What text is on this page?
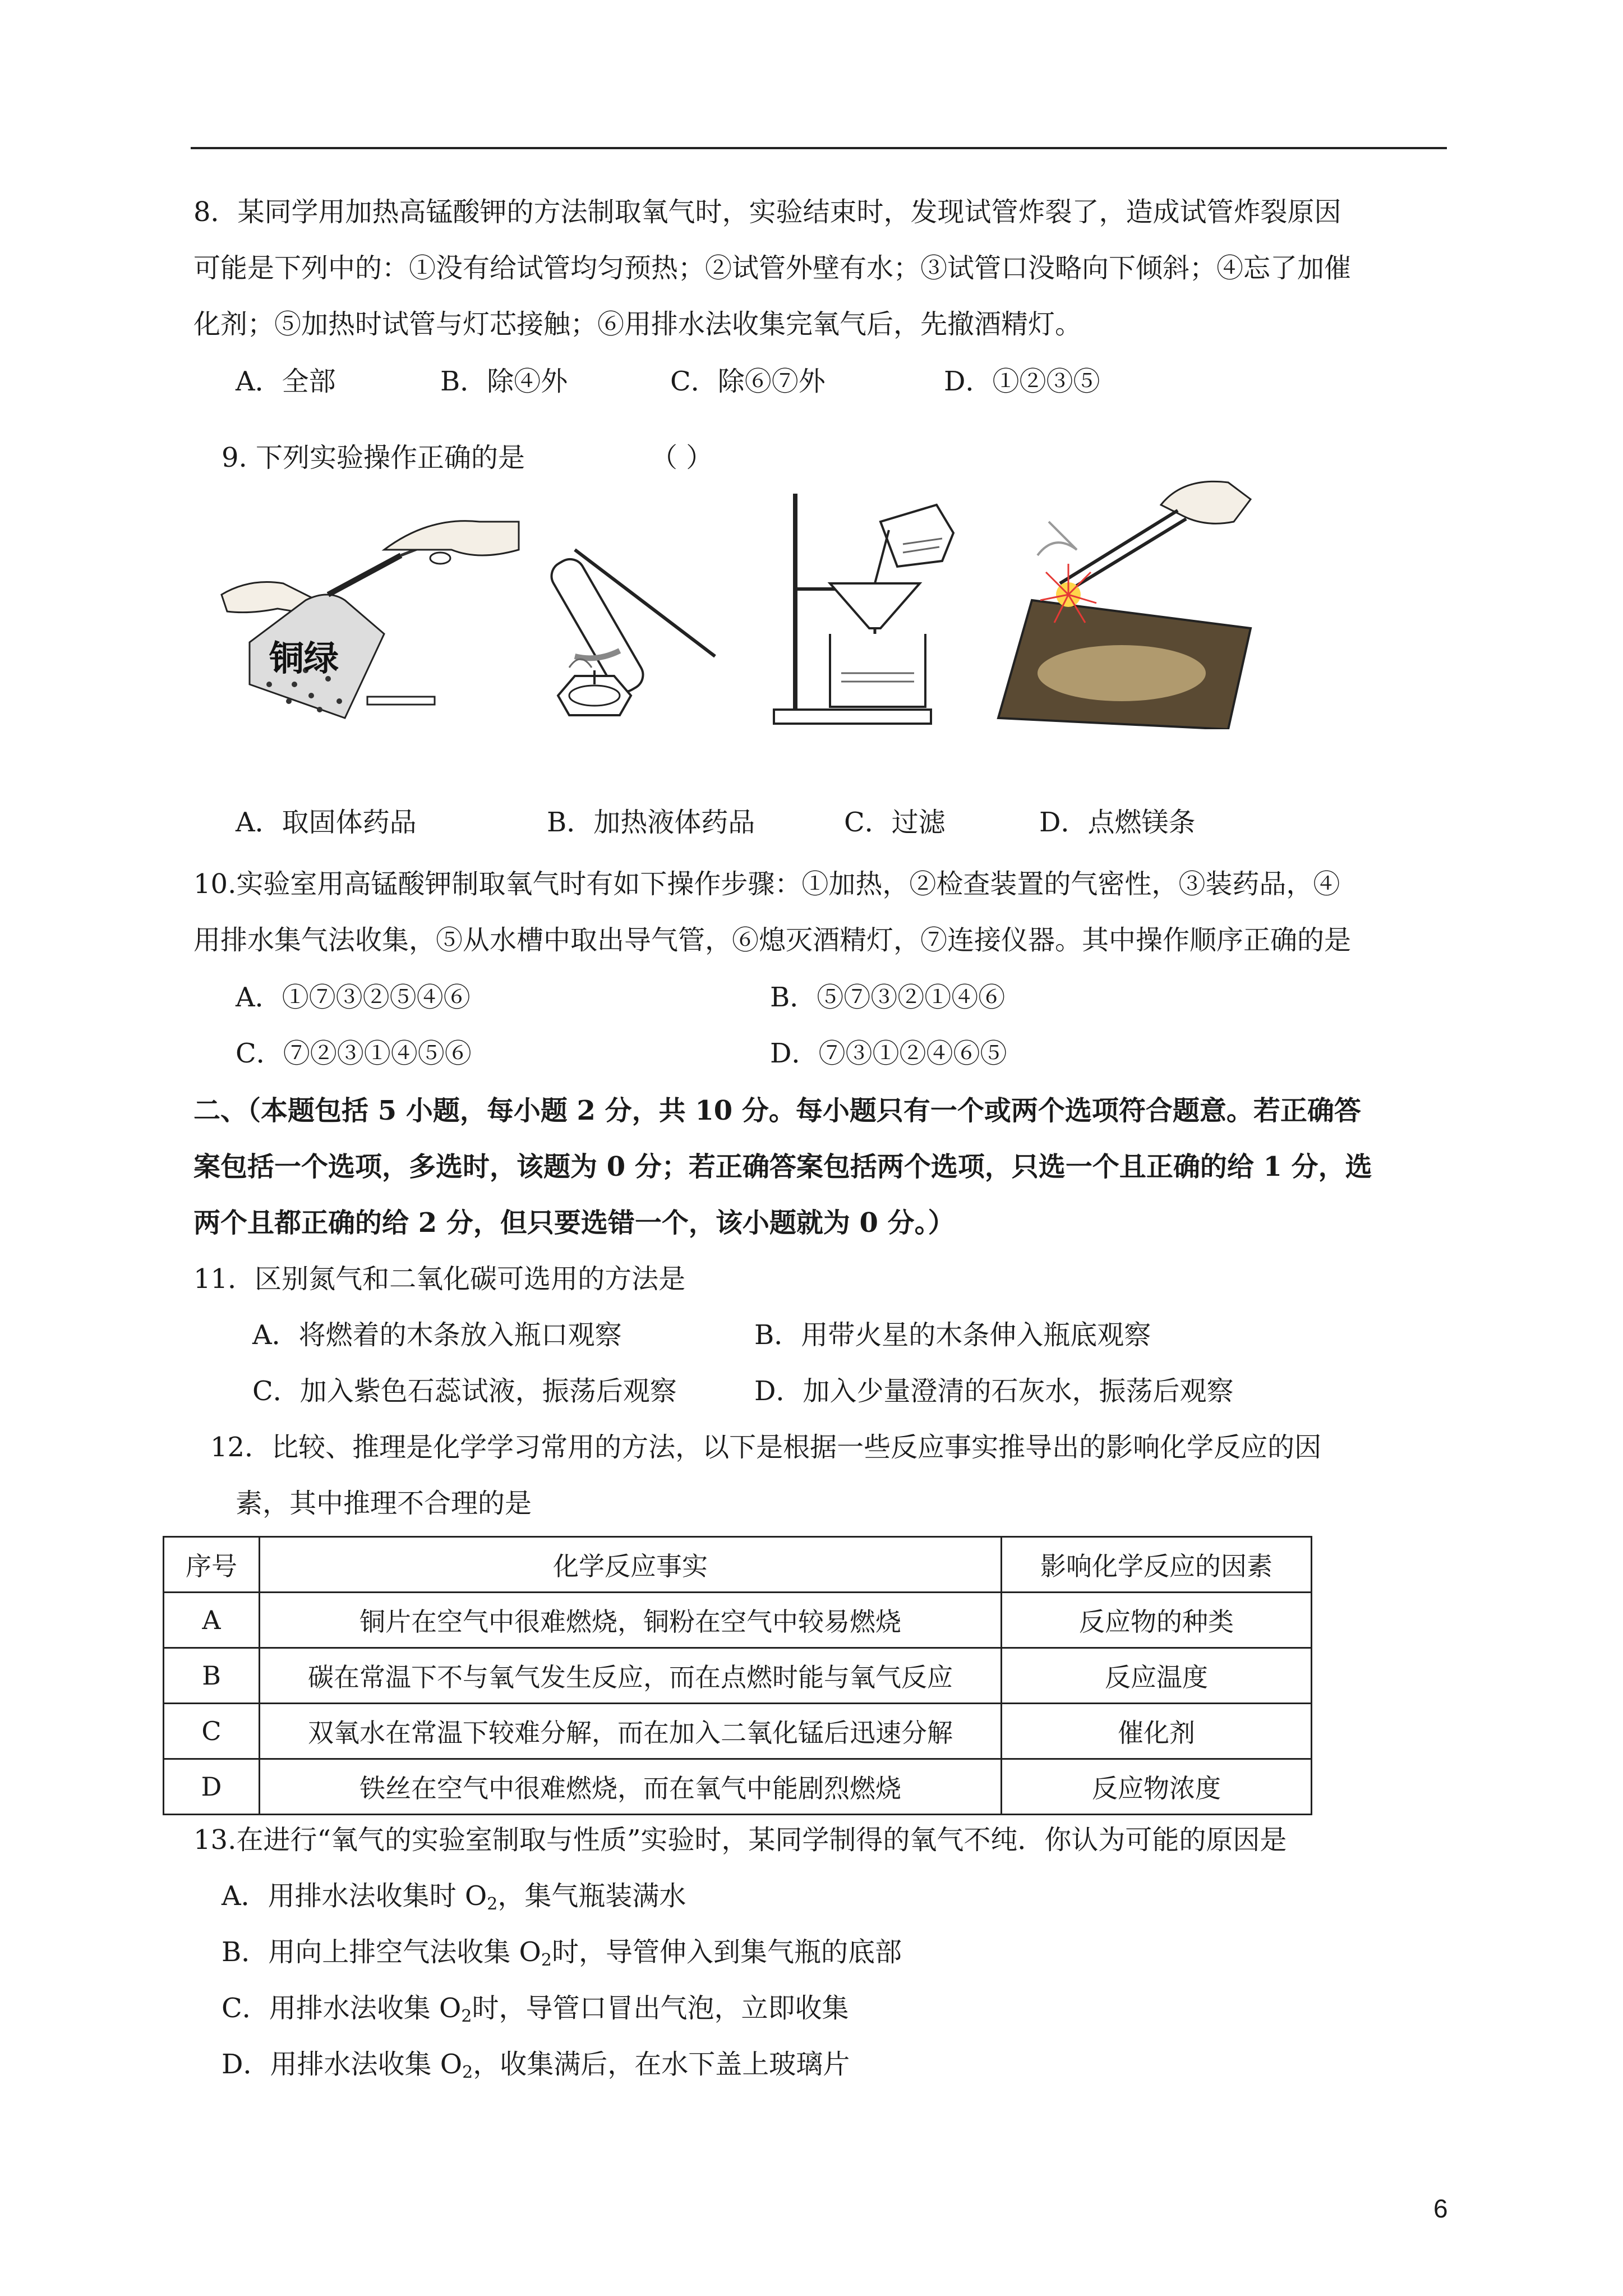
8．某同学用加热高锰酸钾的方法制取氧气时，实验结束时，发现试管炸裂了，造成试管炸裂原因
可能是下列中的：①没有给试管均匀预热；②试管外壁有水；③试管口没略向下倾斜；④忘了加催
化剂；⑤加热时试管与灯芯接触；⑥用排水法收集完氧气后，先撤酒精灯。
A．全部	B．除④外	C．除⑥⑦外	D．①②③⑤
9. 下列实验操作正确的是	（ ）
铜绿
A．取固体药品	B．加热液体药品	C．过滤	D．点燃镁条
10.实验室用高锰酸钾制取氧气时有如下操作步骤：①加热，②检查装置的气密性，③装药品，④
用排水集气法收集，⑤从水槽中取出导气管，⑥熄灭酒精灯，⑦连接仪器。其中操作顺序正确的是
A．①⑦③②⑤④⑥	B．⑤⑦③②①④⑥
C．⑦②③①④⑤⑥	D．⑦③①②④⑥⑤
二、（本题包括 5 小题，每小题 2 分，共 10 分。每小题只有一个或两个选项符合题意。若正确答
案包括一个选项，多选时，该题为 0 分；若正确答案包括两个选项，只选一个且正确的给 1 分，选
两个且都正确的给 2 分，但只要选错一个，该小题就为 0 分。）
11．区别氮气和二氧化碳可选用的方法是
A．将燃着的木条放入瓶口观察	B．用带火星的木条伸入瓶底观察
C．加入紫色石蕊试液，振荡后观察	D．加入少量澄清的石灰水，振荡后观察
12．比较、推理是化学学习常用的方法，以下是根据一些反应事实推导出的影响化学反应的因
素，其中推理不合理的是
序号	化学反应事实	影响化学反应的因素
A	铜片在空气中很难燃烧，铜粉在空气中较易燃烧	反应物的种类
B	碳在常温下不与氧气发生反应，而在点燃时能与氧气反应	反应温度
C	双氧水在常温下较难分解，而在加入二氧化锰后迅速分解	催化剂
D	铁丝在空气中很难燃烧，而在氧气中能剧烈燃烧	反应物浓度
13.在进行“氧气的实验室制取与性质”实验时，某同学制得的氧气不纯．你认为可能的原因是
A．用排水法收集时 $O_2$，集气瓶装满水
B．用向上排空气法收集 $O_2$时，导管伸入到集气瓶的底部
C．用排水法收集 $O_2$时，导管口冒出气泡，立即收集
D．用排水法收集 $O_2$，收集满后，在水下盖上玻璃片
6
